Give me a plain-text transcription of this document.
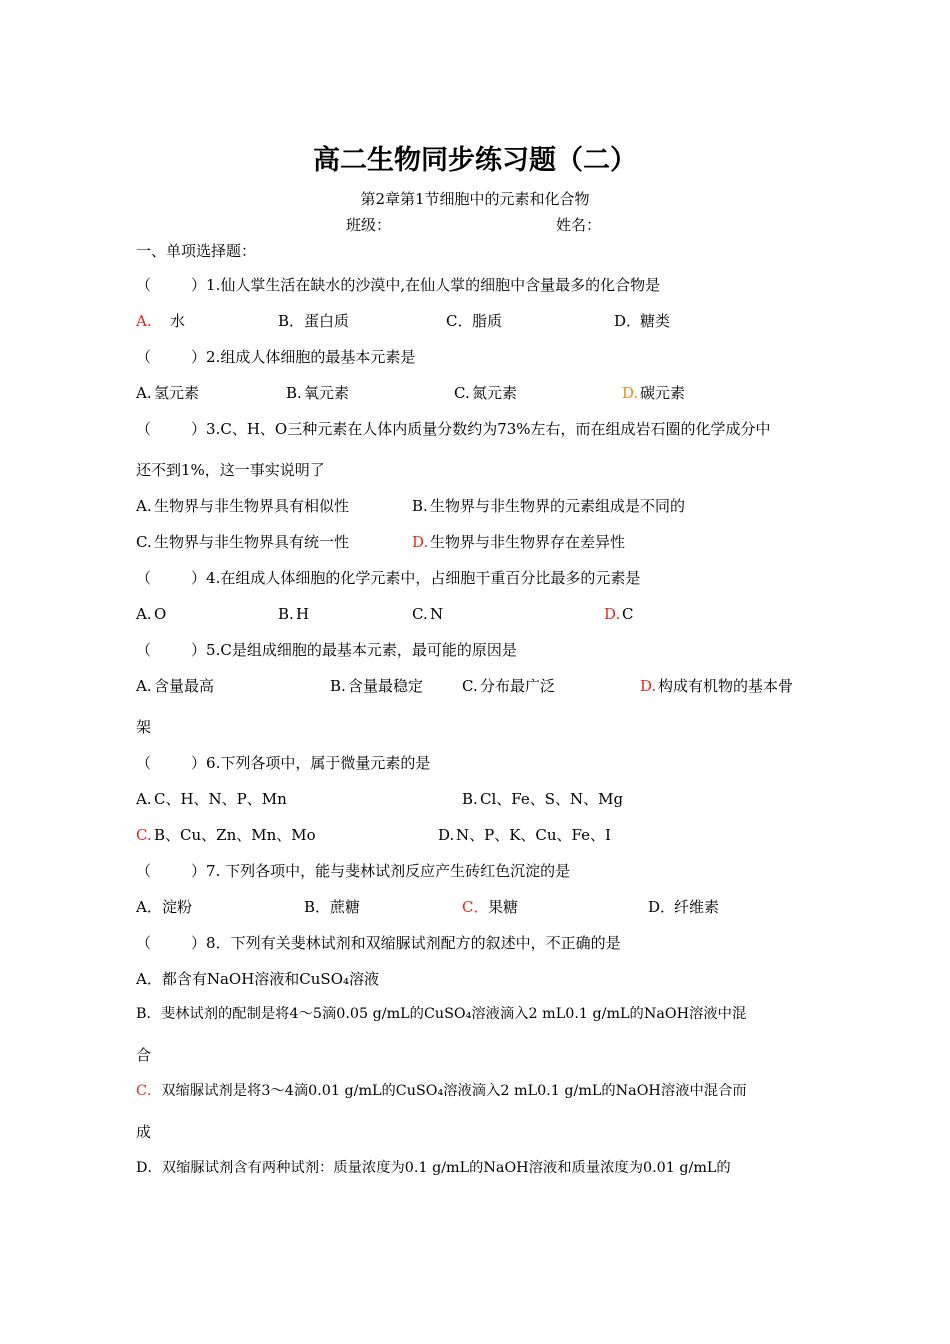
高二生物同步练习题（二）
第2章第1节细胞中的元素和化合物
班级：	姓名：
一、单项选择题：
（	）1.仙人掌生活在缺水的沙漠中,在仙人掌的细胞中含量最多的化合物是
A. 水	B． 蛋白质	C． 脂质	D．
糖类
（	）2.组成人体细胞的最基本元素是
A. 氢元素	B. 氧元素	C. 氮元素	D. 碳元素
（	）3.C、H、O三种元素在人体内质量分数约为73%左右，而在组成岩石圈的化学成分中
还不到1%，这一事实说明了
A. 生物界与非生物界具有相似性	B. 生物界与非生物界的元素组成是不同的
C. 生物界与非生物界具有统一性	D. 生物界与非生物界存在差异性
（	）4.在组成人体细胞的化学元素中，占细胞干重百分比最多的元素是
A. O	B. H	C. N	D. C
（	）5.C是组成细胞的最基本元素，最可能的原因是
A. 含量最高	B. 含量最稳定	C. 分布最广泛	D. 构成有机物的基本骨
架
（	）6.下列各项中，属于微量元素的是
A. C、H、N、P、Mn	B. Cl、Fe、S、N、Mg
C. B、Cu、Zn、Mn、Mo	D. N、P、K、Cu、Fe、I
（	）7. 下列各项中，能与斐林试剂反应产生砖红色沉淀的是
A． 淀粉	B． 蔗糖	C． 果糖	D．
纤维素
（	）8．下列有关斐林试剂和双缩脲试剂配方的叙述中，不正确的是
A．都含有NaOH溶液和CuSO₄溶液
B．斐林试剂的配制是将4～5滴0.05 g/mL的CuSO₄溶液滴入2 mL0.1 g/mL的NaOH溶液中混
合
C．双缩脲试剂是将3～4滴0.01 g/mL的CuSO₄溶液滴入2 mL0.1 g/mL的NaOH溶液中混合而
成
D．双缩脲试剂含有两种试剂：质量浓度为0.1 g/mL的NaOH溶液和质量浓度为0.01 g/mL的
